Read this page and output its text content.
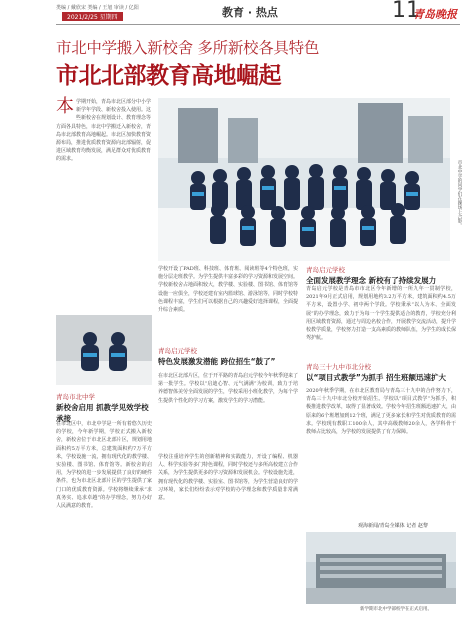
类编 / 戴欣宋 类编 / 王旭 审读 / 亿阳
2021/2/25 星期四	教育 · 热点	11
青岛晚报
市北中学搬入新校舍 多所新校各具特色
市北北部教育高地崛起
本 学期开始，青岛市北区部分中小学新学年学段、新校舍投入使用。这些新校舍在规划设计、教育理念等方面各具特色，市北中学搬迁入新校舍，青岛市北部教育高地崛起。市北区加快教育资源布局，推进优质教育资源向北部辐射，促进区域教育均衡发展，满足群众对优质教育的需求。
市北中学的同学们在操场上合影。
学校开设了PAD班、科技班、体育班、阅读班等4个特色班，实施分层走班教学。为学生提供丰富多彩的学习资源和发展空间。学校新校舍占地面积较大，教学楼、实验楼、图书馆、体育馆等设施一应俱全，学校还建有室内篮球馆、游泳馆等，同时学校特色课程丰富，学生们可以根据自己的兴趣爱好选择课程，全面提升综合素质。
青岛启元学校
特色发展激发潜能 跨位招生“鼓了”
在市北区北部片区，位于开平路的青岛启元学校今年秋季迎来了第一批学生。学校以“启迪心智、元气满满”为校训，致力于培养德智体美劳全面发展的学生，学校采用小班化教学，为每个学生提供个性化的学习方案，激发学生的学习潜能。
学校注重培养学生的创新精神和实践能力，开设了编程、机器人、科学实验等多门特色课程，同时学校还与多所高校建立合作关系，为学生提供更多的学习资源和发展机会。学校设施先进，拥有现代化的教学楼、实验室、图书馆等，为学生营造良好的学习环境，家长们纷纷表示对学校的办学理念和教学质量非常满意。
青岛启元学校
全面发展教学理念 新校有了持续发展力
青岛启元学校是青岛市市北区今年新增的一所九年一贯制学校，2021年9月正式启用，规划用地约3.2万平方米，建筑面积约4.5万平方米，设置小学、初中两个学段。学校秉承“以人为本、全面发展”的办学理念，致力于为每一个学生提供适合的教育，学校充分利用区域教育资源，通过与周边名校合作，开展教学交流活动，提升学校教学质量，学校努力打造一支高素质的教师队伍，为学生的成长保驾护航。
青岛三十九中市北分校
以“项目式教学”为抓手 招生班额迅速扩大
2020年秋季学期，在市北区教育局与青岛三十九中的合作努力下，青岛三十九中市北分校开始招生。学校以“项目式教学”为抓手，积极推进教学改革，取得了显著成效。学校今年招生班额迅速扩大，由原来的6个班增加到12个班，满足了更多家长和学生对优质教育的需求。学校现有教职工100余人，其中高级教师20余人，各学科骨干教师占比较高，为学校的发展提供了有力保障。
青岛市北中学
新校舍启用 抓教学见效学校承接
在市北区中，市北中学是一所有着悠久历史的学校，今年新学期，学校正式搬入新校舍，新校舍位于市北区北部片区，规划用地面积约5万平方米，总建筑面积约7万平方米，学校设施一流，拥有现代化的教学楼、实验楼、图书馆、体育馆等。新校舍的启用，为学校的进一步发展提供了良好的硬件条件，也为市北区北部片区的学生提供了家门口的优质教育资源。学校将继续秉承“求真务实、追求卓越”的办学理念，努力办好人民满意的教育。
观海新闻/青岛全媒体 记者 赵黎
新学期市北中学部校学在正式启用。
